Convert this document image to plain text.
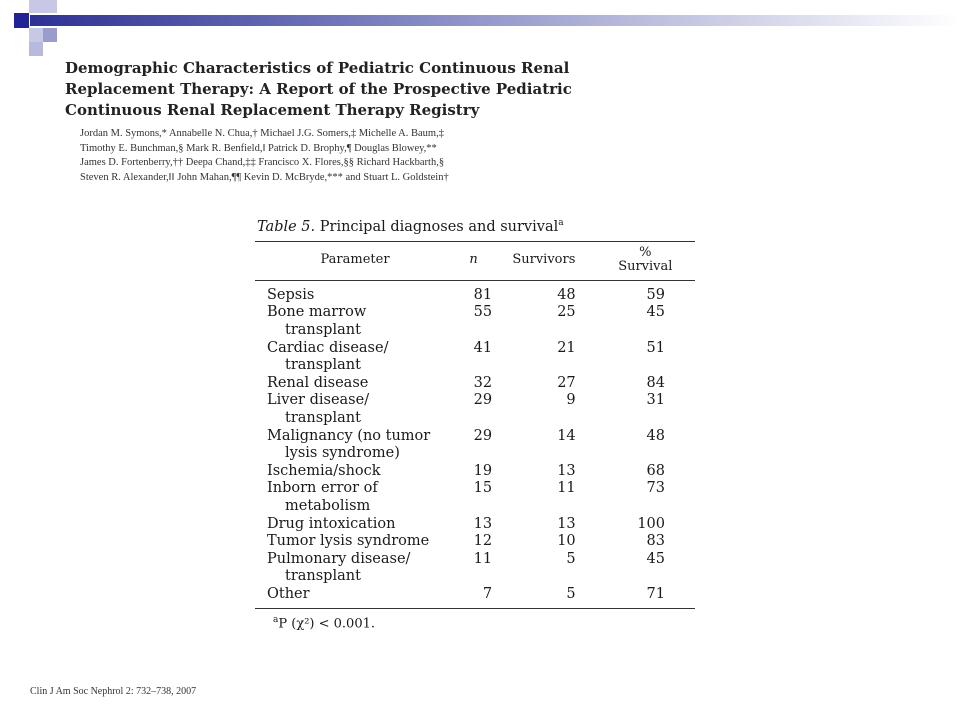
Demographic Characteristics of Pediatric Continuous Renal
Replacement Therapy: A Report of the Prospective Pediatric
Continuous Renal Replacement Therapy Registry
Jordan M. Symons,* Annabelle N. Chua,† Michael J.G. Somers,‡ Michelle A. Baum,‡
Timothy E. Bunchman,§ Mark R. Benfield,‖ Patrick D. Brophy,¶ Douglas Blowey,**
James D. Fortenberry,†† Deepa Chand,‡‡ Francisco X. Flores,§§ Richard Hackbarth,§
Steven R. Alexander,‖‖ John Mahan,¶¶ Kevin D. McBryde,*** and Stuart L. Goldstein†
Table 5. Principal diagnoses and survival$^a$
Parameter	n	Survivors	%
Survival
Sepsis	81	48	59
Bone marrow
transplant	55	25	45
Cardiac disease/
transplant	41	21	51
Renal disease	32	27	84
Liver disease/
transplant	29	9	31
Malignancy (no tumor
lysis syndrome)	29	14	48
Ischemia/shock	19	13	68
Inborn error of
metabolism	15	11	73
Drug intoxication	13	13	100
Tumor lysis syndrome	12	10	83
Pulmonary disease/
transplant	11	5	45
Other	7	5	71
$^a$P (χ²) < 0.001.
Clin J Am Soc Nephrol 2: 732–738, 2007
